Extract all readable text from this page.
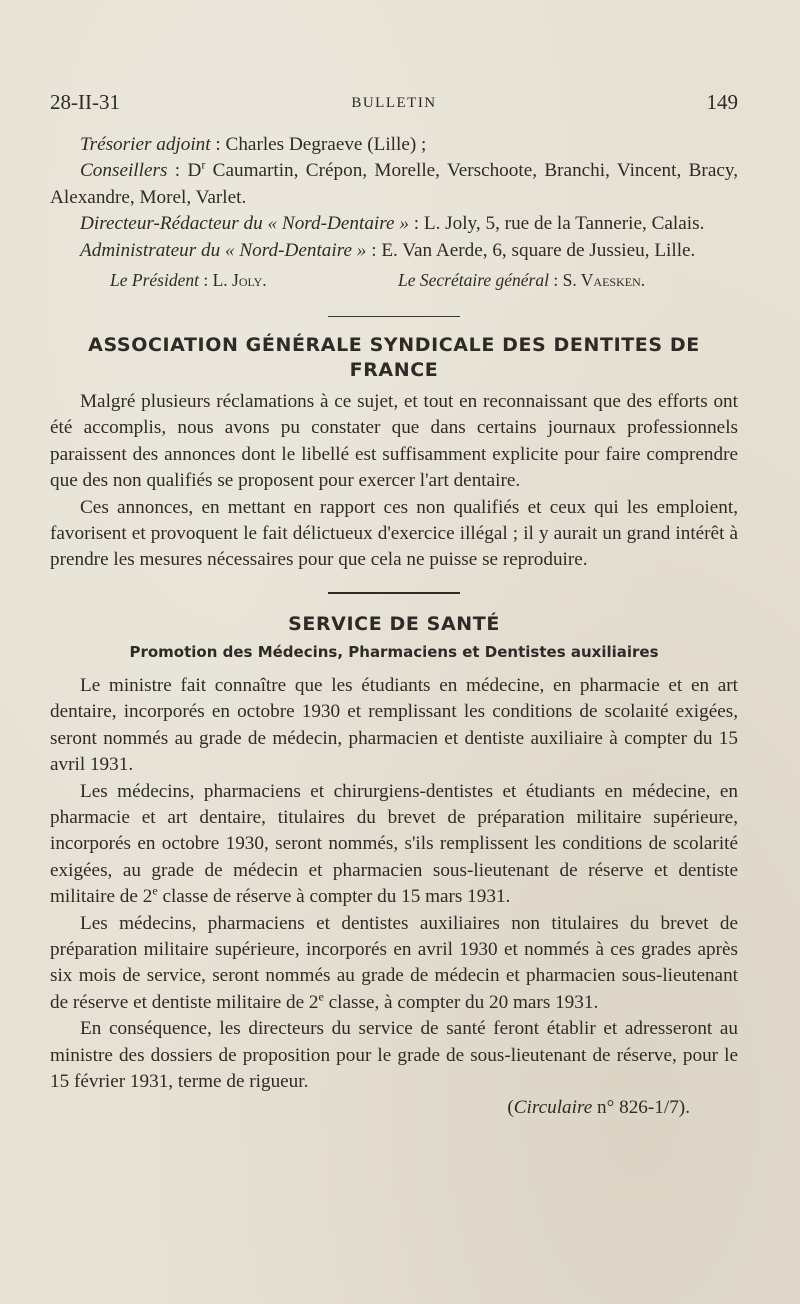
28-II-31	BULLETIN	149

Trésorier adjoint : Charles Degraeve (Lille) ;

Conseillers : $D^r$ Caumartin, Crépon, Morelle, Verschoote, Branchi, Vincent, Bracy, Alexandre, Morel, Varlet.

Directeur-Rédacteur du « Nord-Dentaire » : L. Joly, 5, rue de la Tannerie, Calais.

Administrateur du « Nord-Dentaire » : E. Van Aerde, 6, square de Jussieu, Lille.

Le Président : L. Joly.	Le Secrétaire général : S. Vaesken.
ASSOCIATION GÉNÉRALE SYNDICALE DES DENTITES DE FRANCE

Malgré plusieurs réclamations à ce sujet, et tout en reconnaissant que des efforts ont été accomplis, nous avons pu constater que dans certains journaux professionnels paraissent des annonces dont le libellé est suffisamment explicite pour faire comprendre que des non qualifiés se proposent pour exercer l'art dentaire.

Ces annonces, en mettant en rapport ces non qualifiés et ceux qui les emploient, favorisent et provoquent le fait délictueux d'exercice illégal ; il y aurait un grand intérêt à prendre les mesures nécessaires pour que cela ne puisse se reproduire.

SERVICE DE SANTÉ
Promotion des Médecins, Pharmaciens et Dentistes auxiliaires

Le ministre fait connaître que les étudiants en médecine, en pharmacie et en art dentaire, incorporés en octobre 1930 et remplissant les conditions de scolaıité exigées, seront nommés au grade de médecin, pharmacien et dentiste auxiliaire à compter du 15 avril 1931.

Les médecins, pharmaciens et chirurgiens-dentistes et étudiants en médecine, en pharmacie et art dentaire, titulaires du brevet de préparation militaire supérieure, incorporés en octobre 1930, seront nommés, s'ils remplissent les conditions de scolarité exigées, au grade de médecin et pharmacien sous-lieutenant de réserve et dentiste militaire de 2e classe de réserve à compter du 15 mars 1931.

Les médecins, pharmaciens et dentistes auxiliaires non titulaires du brevet de préparation militaire supérieure, incorporés en avril 1930 et nommés à ces grades après six mois de service, seront nommés au grade de médecin et pharmacien sous-lieutenant de réserve et dentiste militaire de 2e classe, à compter du 20 mars 1931.

En conséquence, les directeurs du service de santé feront établir et adresseront au ministre des dossiers de proposition pour le grade de sous-lieutenant de réserve, pour le 15 février 1931, terme de rigueur.

(Circulaire n° 826-1/7).
